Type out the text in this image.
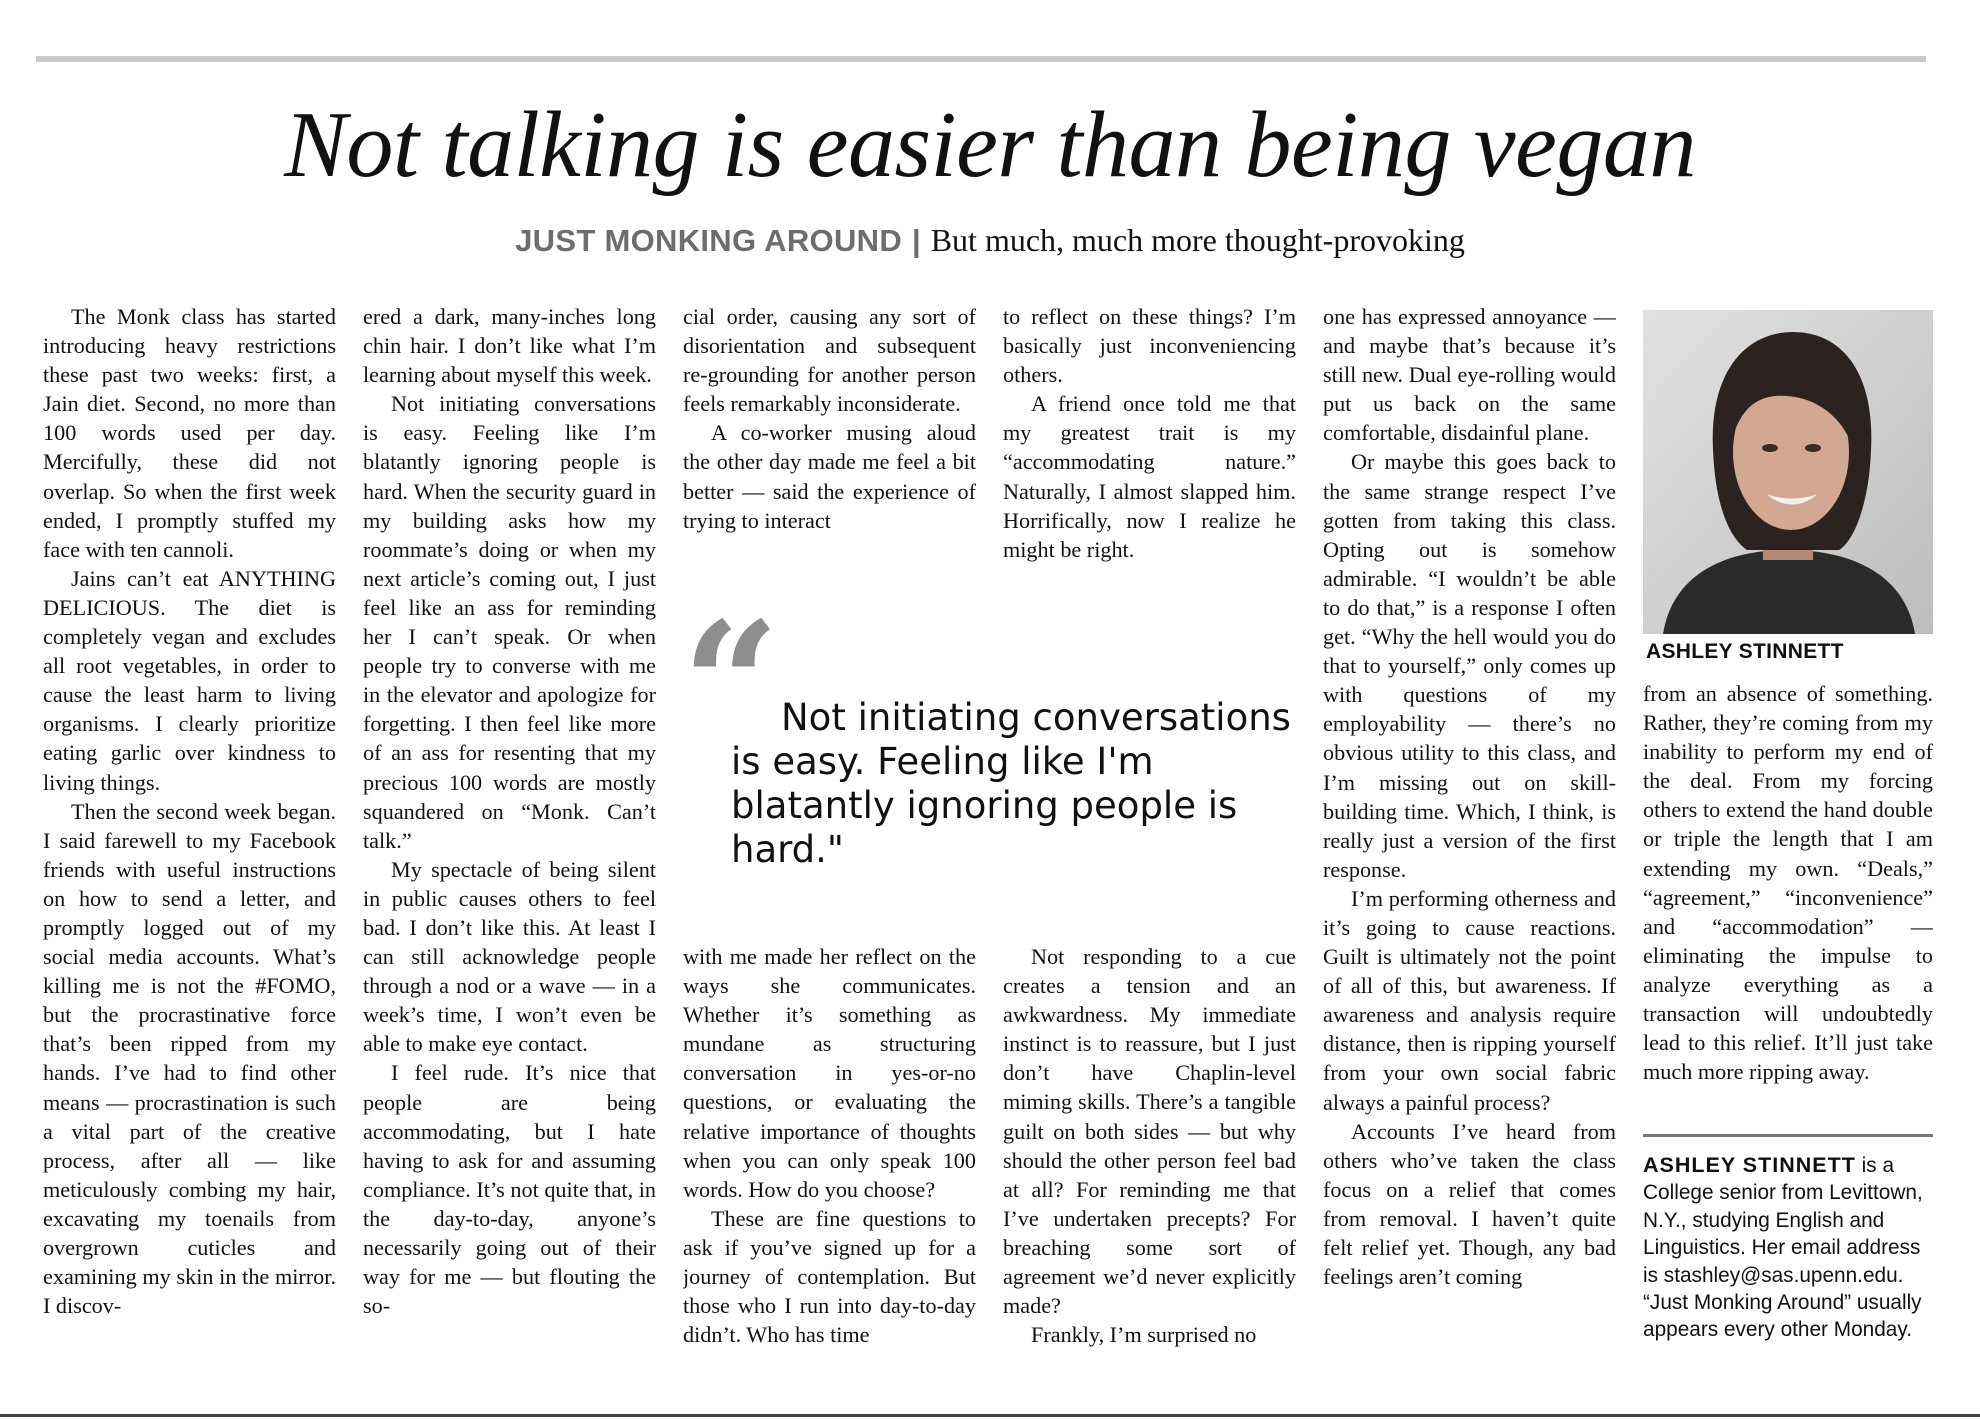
Not talking is easier than being vegan
JUST MONKING AROUND | But much, much more thought-provoking

The Monk class has started introducing heavy restrictions these past two weeks: first, a Jain diet. Second, no more than 100 words used per day. Mercifully, these did not overlap. So when the first week ended, I promptly stuffed my face with ten cannoli.

Jains can’t eat ANYTHING DELICIOUS. The diet is completely vegan and excludes all root vegetables, in order to cause the least harm to living organisms. I clearly prioritize eating garlic over kindness to living things.

Then the second week began. I said farewell to my Facebook friends with useful instructions on how to send a letter, and promptly logged out of my social media accounts. What’s killing me is not the #FOMO, but the procrastinative force that’s been ripped from my hands. I’ve had to find other means — procrastination is such a vital part of the creative process, after all — like meticulously combing my hair, excavating my toenails from overgrown cuticles and examining my skin in the mirror. I discov-

ered a dark, many-inches long chin hair. I don’t like what I’m learning about myself this week.

Not initiating conversations is easy. Feeling like I’m blatantly ignoring people is hard. When the security guard in my building asks how my roommate’s doing or when my next article’s coming out, I just feel like an ass for reminding her I can’t speak. Or when people try to converse with me in the elevator and apologize for forgetting. I then feel like more of an ass for resenting that my precious 100 words are mostly squandered on “Monk. Can’t talk.”

My spectacle of being silent in public causes others to feel bad. I don’t like this. At least I can still acknowledge people through a nod or a wave — in a week’s time, I won’t even be able to make eye contact.

I feel rude. It’s nice that people are being accommodating, but I hate having to ask for and assuming compliance. It’s not quite that, in the day-to-day, anyone’s necessarily going out of their way for me — but flouting the so-

cial order, causing any sort of disorientation and subsequent re-grounding for another person feels remarkably inconsiderate.

A co-worker musing aloud the other day made me feel a bit better — said the experience of trying to interact

to reflect on these things? I’m basically just inconveniencing others.

A friend once told me that my greatest trait is my “accommodating nature.” Naturally, I almost slapped him. Horrifically, now I realize he might be right.

“ Not initiating conversations is easy. Feeling like I'm blatantly ignoring people is hard."

with me made her reflect on the ways she communicates. Whether it’s something as mundane as structuring conversation in yes-or-no questions, or evaluating the relative importance of thoughts when you can only speak 100 words. How do you choose?

These are fine questions to ask if you’ve signed up for a journey of contemplation. But those who I run into day-to-day didn’t. Who has time

Not responding to a cue creates a tension and an awkwardness. My immediate instinct is to reassure, but I just don’t have Chaplin-level miming skills. There’s a tangible guilt on both sides — but why should the other person feel bad at all? For reminding me that I’ve undertaken precepts? For breaching some sort of agreement we’d never explicitly made?

Frankly, I’m surprised no

one has expressed annoyance — and maybe that’s because it’s still new. Dual eye-rolling would put us back on the same comfortable, disdainful plane.

Or maybe this goes back to the same strange respect I’ve gotten from taking this class. Opting out is somehow admirable. “I wouldn’t be able to do that,” is a response I often get. “Why the hell would you do that to yourself,” only comes up with questions of my employability — there’s no obvious utility to this class, and I’m missing out on skill-building time. Which, I think, is really just a version of the first response.

I’m performing otherness and it’s going to cause reactions. Guilt is ultimately not the point of all of this, but awareness. If awareness and analysis require distance, then is ripping yourself from your own social fabric always a painful process?

Accounts I’ve heard from others who’ve taken the class focus on a relief that comes from removal. I haven’t quite felt relief yet. Though, any bad feelings aren’t coming

ASHLEY STINNETT

from an absence of something. Rather, they’re coming from my inability to perform my end of the deal. From my forcing others to extend the hand double or triple the length that I am extending my own. “Deals,” “agreement,” “inconvenience” and “accommodation” — eliminating the impulse to analyze everything as a transaction will undoubtedly lead to this relief. It’ll just take much more ripping away.

ASHLEY STINNETT is a College senior from Levittown, N.Y., studying English and Linguistics. Her email address is stashley@sas.upenn.edu. “Just Monking Around” usually appears every other Monday.
